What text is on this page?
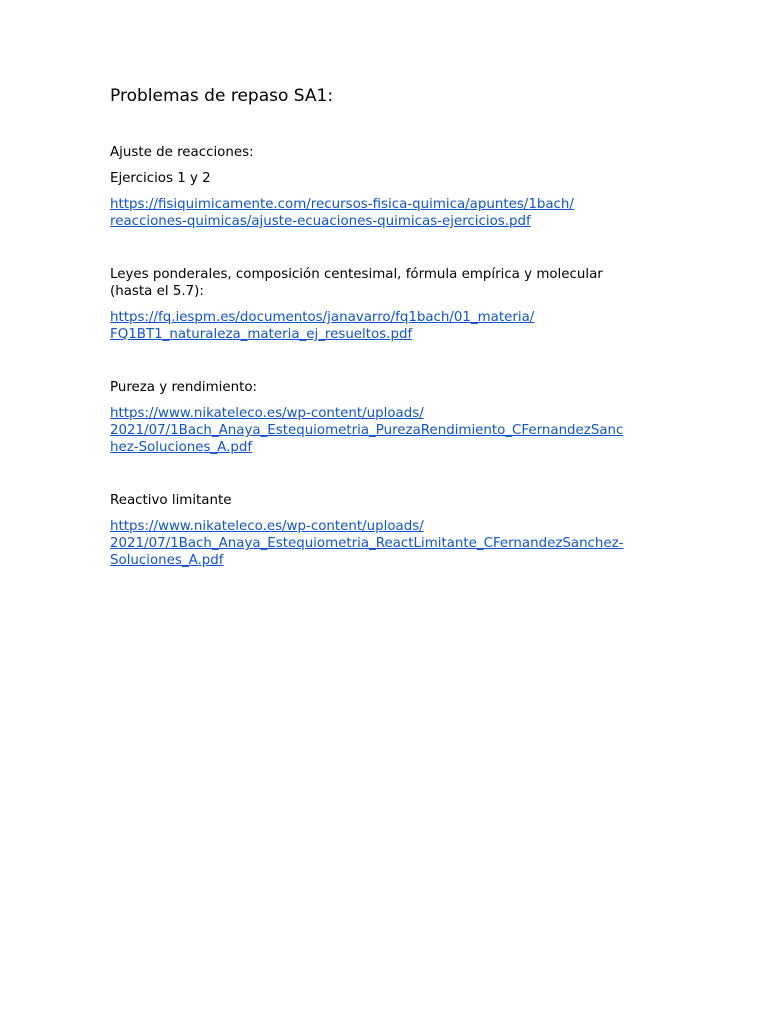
Problemas de repaso SA1:
Ajuste de reacciones:
Ejercicios 1 y 2
https://fisiquimicamente.com/recursos-fisica-quimica/apuntes/1bach/
reacciones-quimicas/ajuste-ecuaciones-quimicas-ejercicios.pdf
Leyes ponderales, composición centesimal, fórmula empírica y molecular
(hasta el 5.7):
https://fq.iespm.es/documentos/janavarro/fq1bach/01_materia/
FQ1BT1_naturaleza_materia_ej_resueltos.pdf
Pureza y rendimiento:
https://www.nikateleco.es/wp-content/uploads/
2021/07/1Bach_Anaya_Estequiometria_PurezaRendimiento_CFernandezSanc
hez-Soluciones_A.pdf
Reactivo limitante
https://www.nikateleco.es/wp-content/uploads/
2021/07/1Bach_Anaya_Estequiometria_ReactLimitante_CFernandezSanchez-
Soluciones_A.pdf
